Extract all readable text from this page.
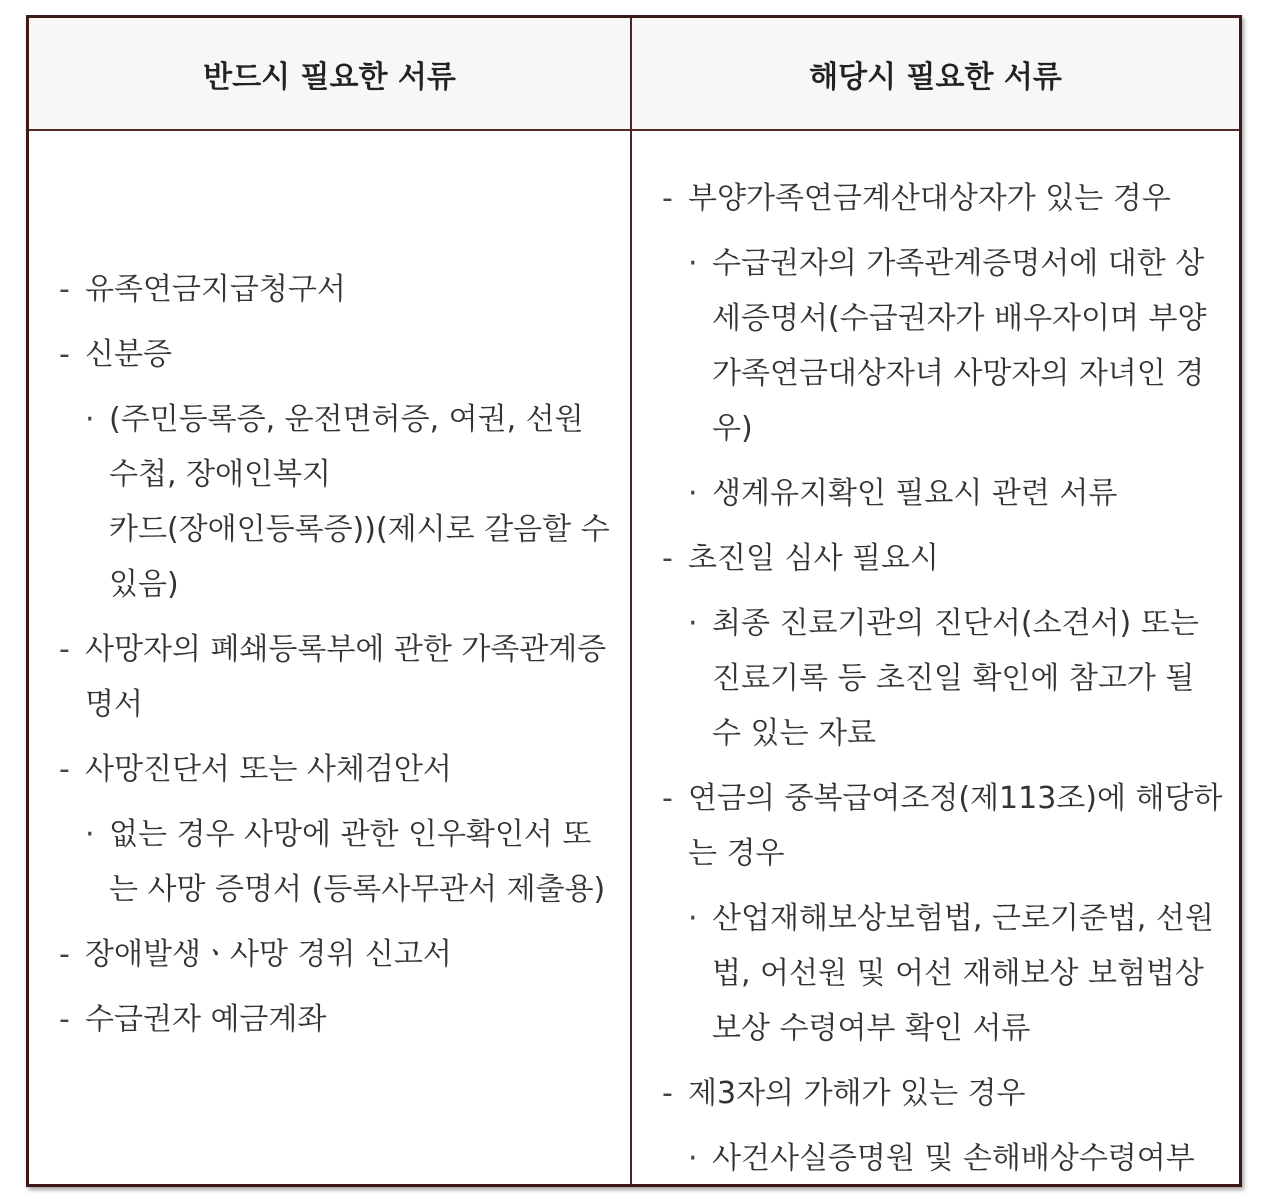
반드시 필요한 서류	해당시 필요한 서류
- 유족연금지급청구서
- 신분증
· (주민등록증, 운전면허증, 여권, 선원수첩, 장애인복지
카드(장애인등록증))(제시로 갈음할 수 있음)
- 사망자의 폐쇄등록부에 관한 가족관계증명서
- 사망진단서 또는 사체검안서
· 없는 경우 사망에 관한 인우확인서 또는 사망 증명서 (등록사무관서 제출용)
- 장애발생ㆍ사망 경위 신고서
- 수급권자 예금계좌
- 부양가족연금계산대상자가 있는 경우
· 수급권자의 가족관계증명서에 대한 상세증명서(수급권자가 배우자이며 부양가족연금대상자녀 사망자의 자녀인 경우)
· 생계유지확인 필요시 관련 서류
- 초진일 심사 필요시
· 최종 진료기관의 진단서(소견서) 또는 진료기록 등 초진일 확인에 참고가 될 수 있는 자료
- 연금의 중복급여조정(제113조)에 해당하는 경우
· 산업재해보상보험법, 근로기준법, 선원법, 어선원 및 어선 재해보상 보험법상 보상 수령여부 확인 서류
- 제3자의 가해가 있는 경우
· 사건사실증명원 및 손해배상수령여부
